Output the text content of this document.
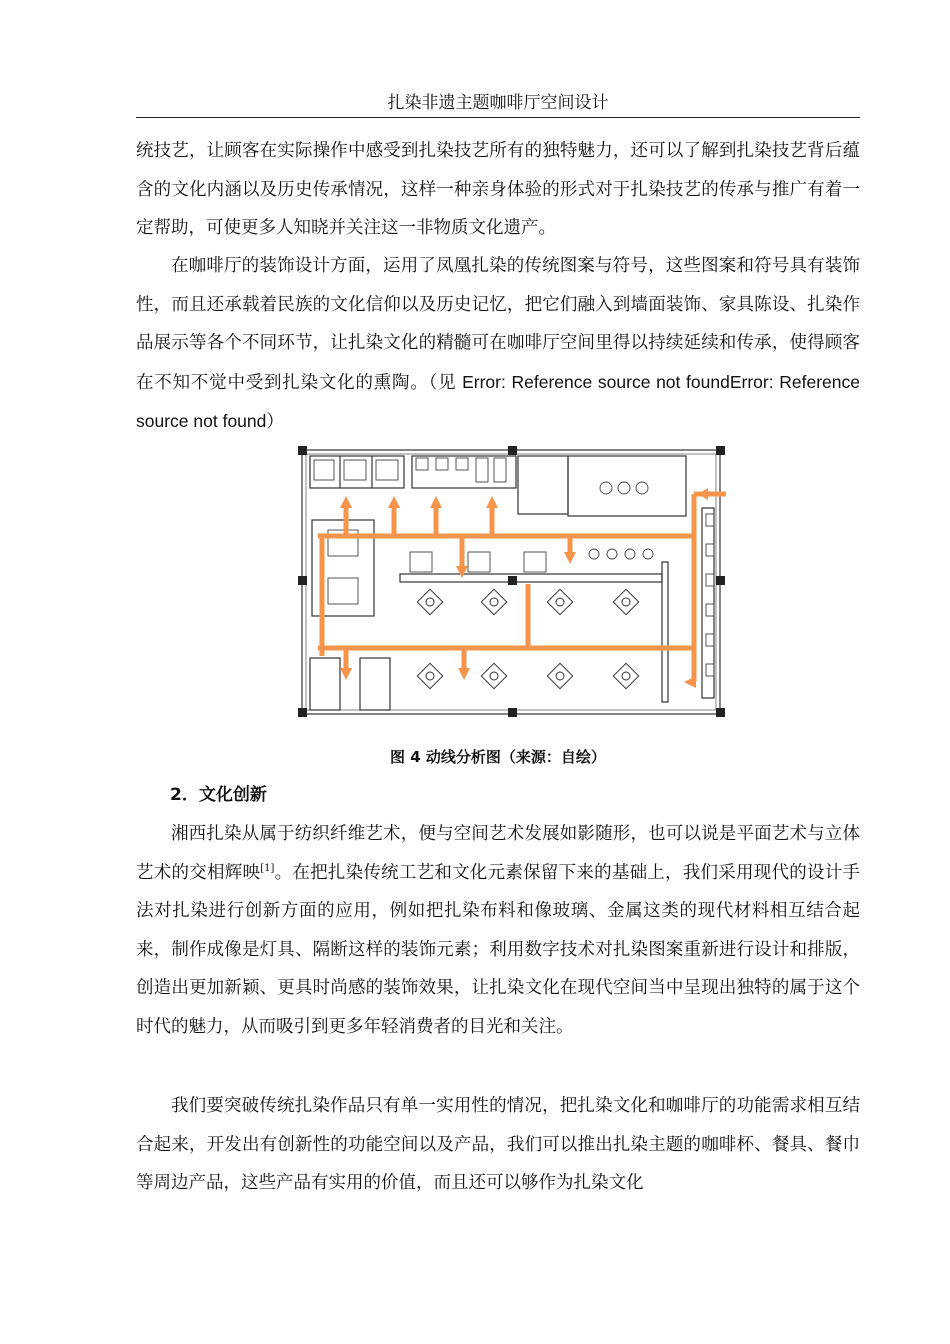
扎染非遗主题咖啡厅空间设计

统技艺，让顾客在实际操作中感受到扎染技艺所有的独特魅力，还可以了解到扎染技艺背后蕴含的文化内涵以及历史传承情况，这样一种亲身体验的形式对于扎染技艺的传承与推广有着一定帮助，可使更多人知晓并关注这一非物质文化遗产。

在咖啡厅的装饰设计方面，运用了凤凰扎染的传统图案与符号，这些图案和符号具有装饰性，而且还承载着民族的文化信仰以及历史记忆，把它们融入到墙面装饰、家具陈设、扎染作品展示等各个不同环节，让扎染文化的精髓可在咖啡厅空间里得以持续延续和传承，使得顾客在不知不觉中受到扎染文化的熏陶。（见 Error: Reference source not foundError: Reference source not found）

图 4 动线分析图（来源：自绘）
2．文化创新

湘西扎染从属于纺织纤维艺术，便与空间艺术发展如影随形，也可以说是平面艺术与立体艺术的交相辉映[1]。在把扎染传统工艺和文化元素保留下来的基础上，我们采用现代的设计手法对扎染进行创新方面的应用，例如把扎染布料和像玻璃、金属这类的现代材料相互结合起来，制作成像是灯具、隔断这样的装饰元素；利用数字技术对扎染图案重新进行设计和排版，创造出更加新颖、更具时尚感的装饰效果，让扎染文化在现代空间当中呈现出独特的属于这个时代的魅力，从而吸引到更多年轻消费者的目光和关注。

我们要突破传统扎染作品只有单一实用性的情况，把扎染文化和咖啡厅的功能需求相互结合起来，开发出有创新性的功能空间以及产品，我们可以推出扎染主题的咖啡杯、餐具、餐巾等周边产品，这些产品有实用的价值，而且还可以够作为扎染文化
